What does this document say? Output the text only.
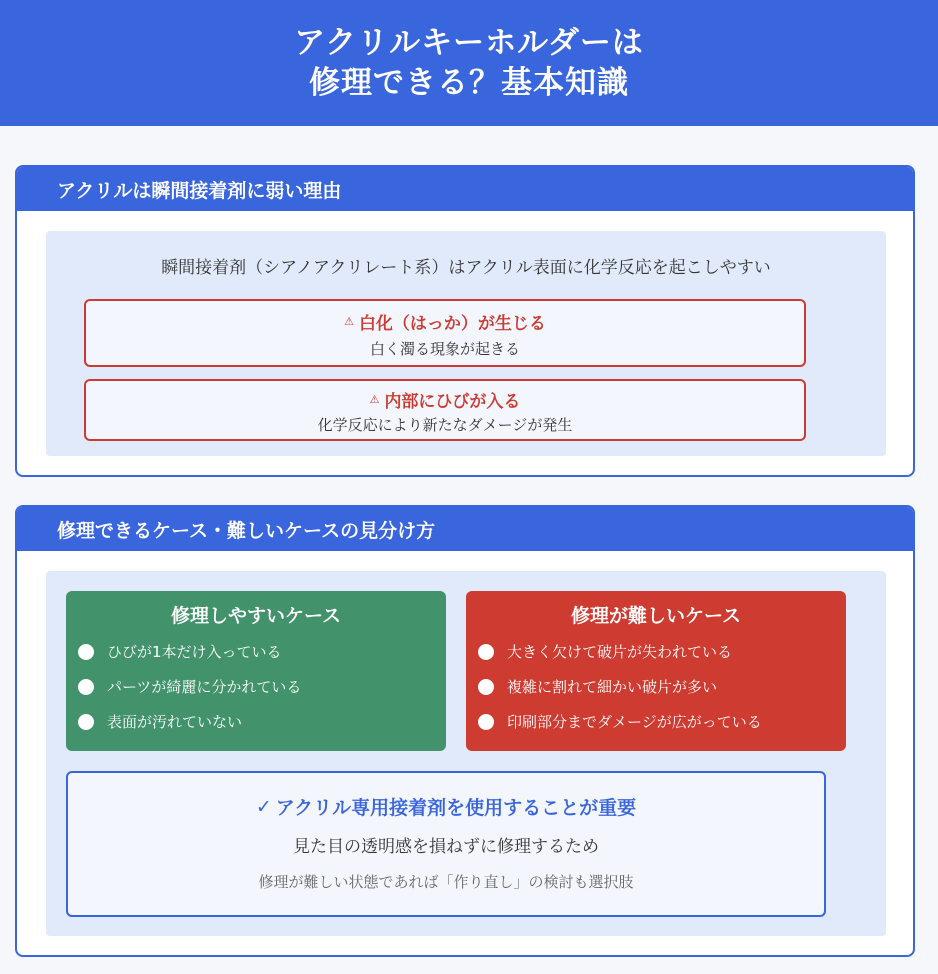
アクリルキーホルダーは
修理できる？基本知識
アクリルは瞬間接着剤に弱い理由
瞬間接着剤（シアノアクリレート系）はアクリル表面に化学反応を起こしやすい
⚠ 白化（はっか）が生じる
白く濁る現象が起きる
⚠ 内部にひびが入る
化学反応により新たなダメージが発生
修理できるケース・難しいケースの見分け方
修理しやすいケース
ひびが1本だけ入っている
パーツが綺麗に分かれている
表面が汚れていない
修理が難しいケース
大きく欠けて破片が失われている
複雑に割れて細かい破片が多い
印刷部分までダメージが広がっている
✓ アクリル専用接着剤を使用することが重要
見た目の透明感を損ねずに修理するため
修理が難しい状態であれば「作り直し」の検討も選択肢
